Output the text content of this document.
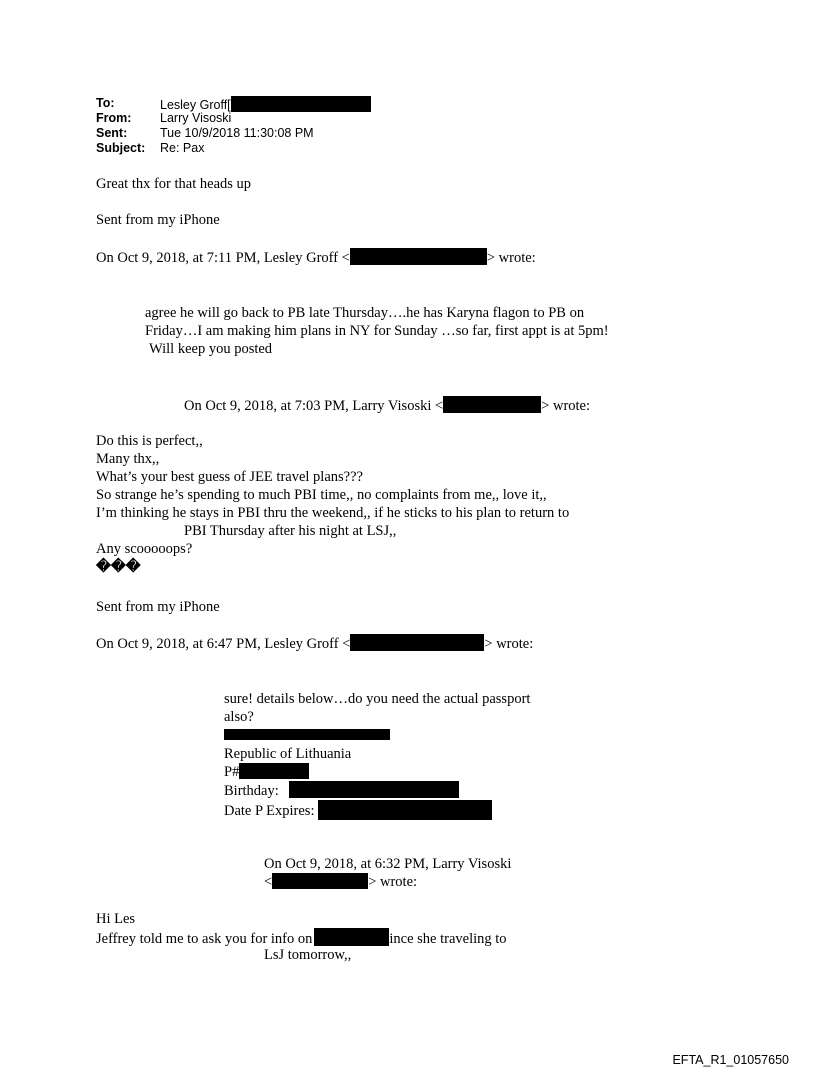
To:	Lesley Groff[
From: Larry Visoski
Sent:	Tue 10/9/2018 11:30:08 PM
Subject: Re: Pax
Great thx for that heads up
Sent from my iPhone
On Oct 9, 2018, at 7:11 PM, Lesley Groff <	> wrote:
agree he will go back to PB late Thursday….he has Karyna flagon to PB on
Friday…I am making him plans in NY for Sunday …so far, first appt is at 5pm!
Will keep you posted
On Oct 9, 2018, at 7:03 PM, Larry Visoski <	> wrote:
Do this is perfect,,
Many thx,,
What’s your best guess of JEE travel plans???
So strange he’s spending to much PBI time,, no complaints from me,, love it,,
I’m thinking he stays in PBI thru the weekend,, if he sticks to his plan to return to
PBI Thursday after his night at LSJ,,
Any scooooops?
���
Sent from my iPhone
On Oct 9, 2018, at 6:47 PM, Lesley Groff <	> wrote:
sure! details below…do you need the actual passport
also?
Republic of Lithuania
P#
Birthday:
Date P Expires:
On Oct 9, 2018, at 6:32 PM, Larry Visoski
<	> wrote:
Hi Les
Jeffrey told me to ask you for info on	ince she traveling to
LsJ tomorrow,,
EFTA_R1_01057650
